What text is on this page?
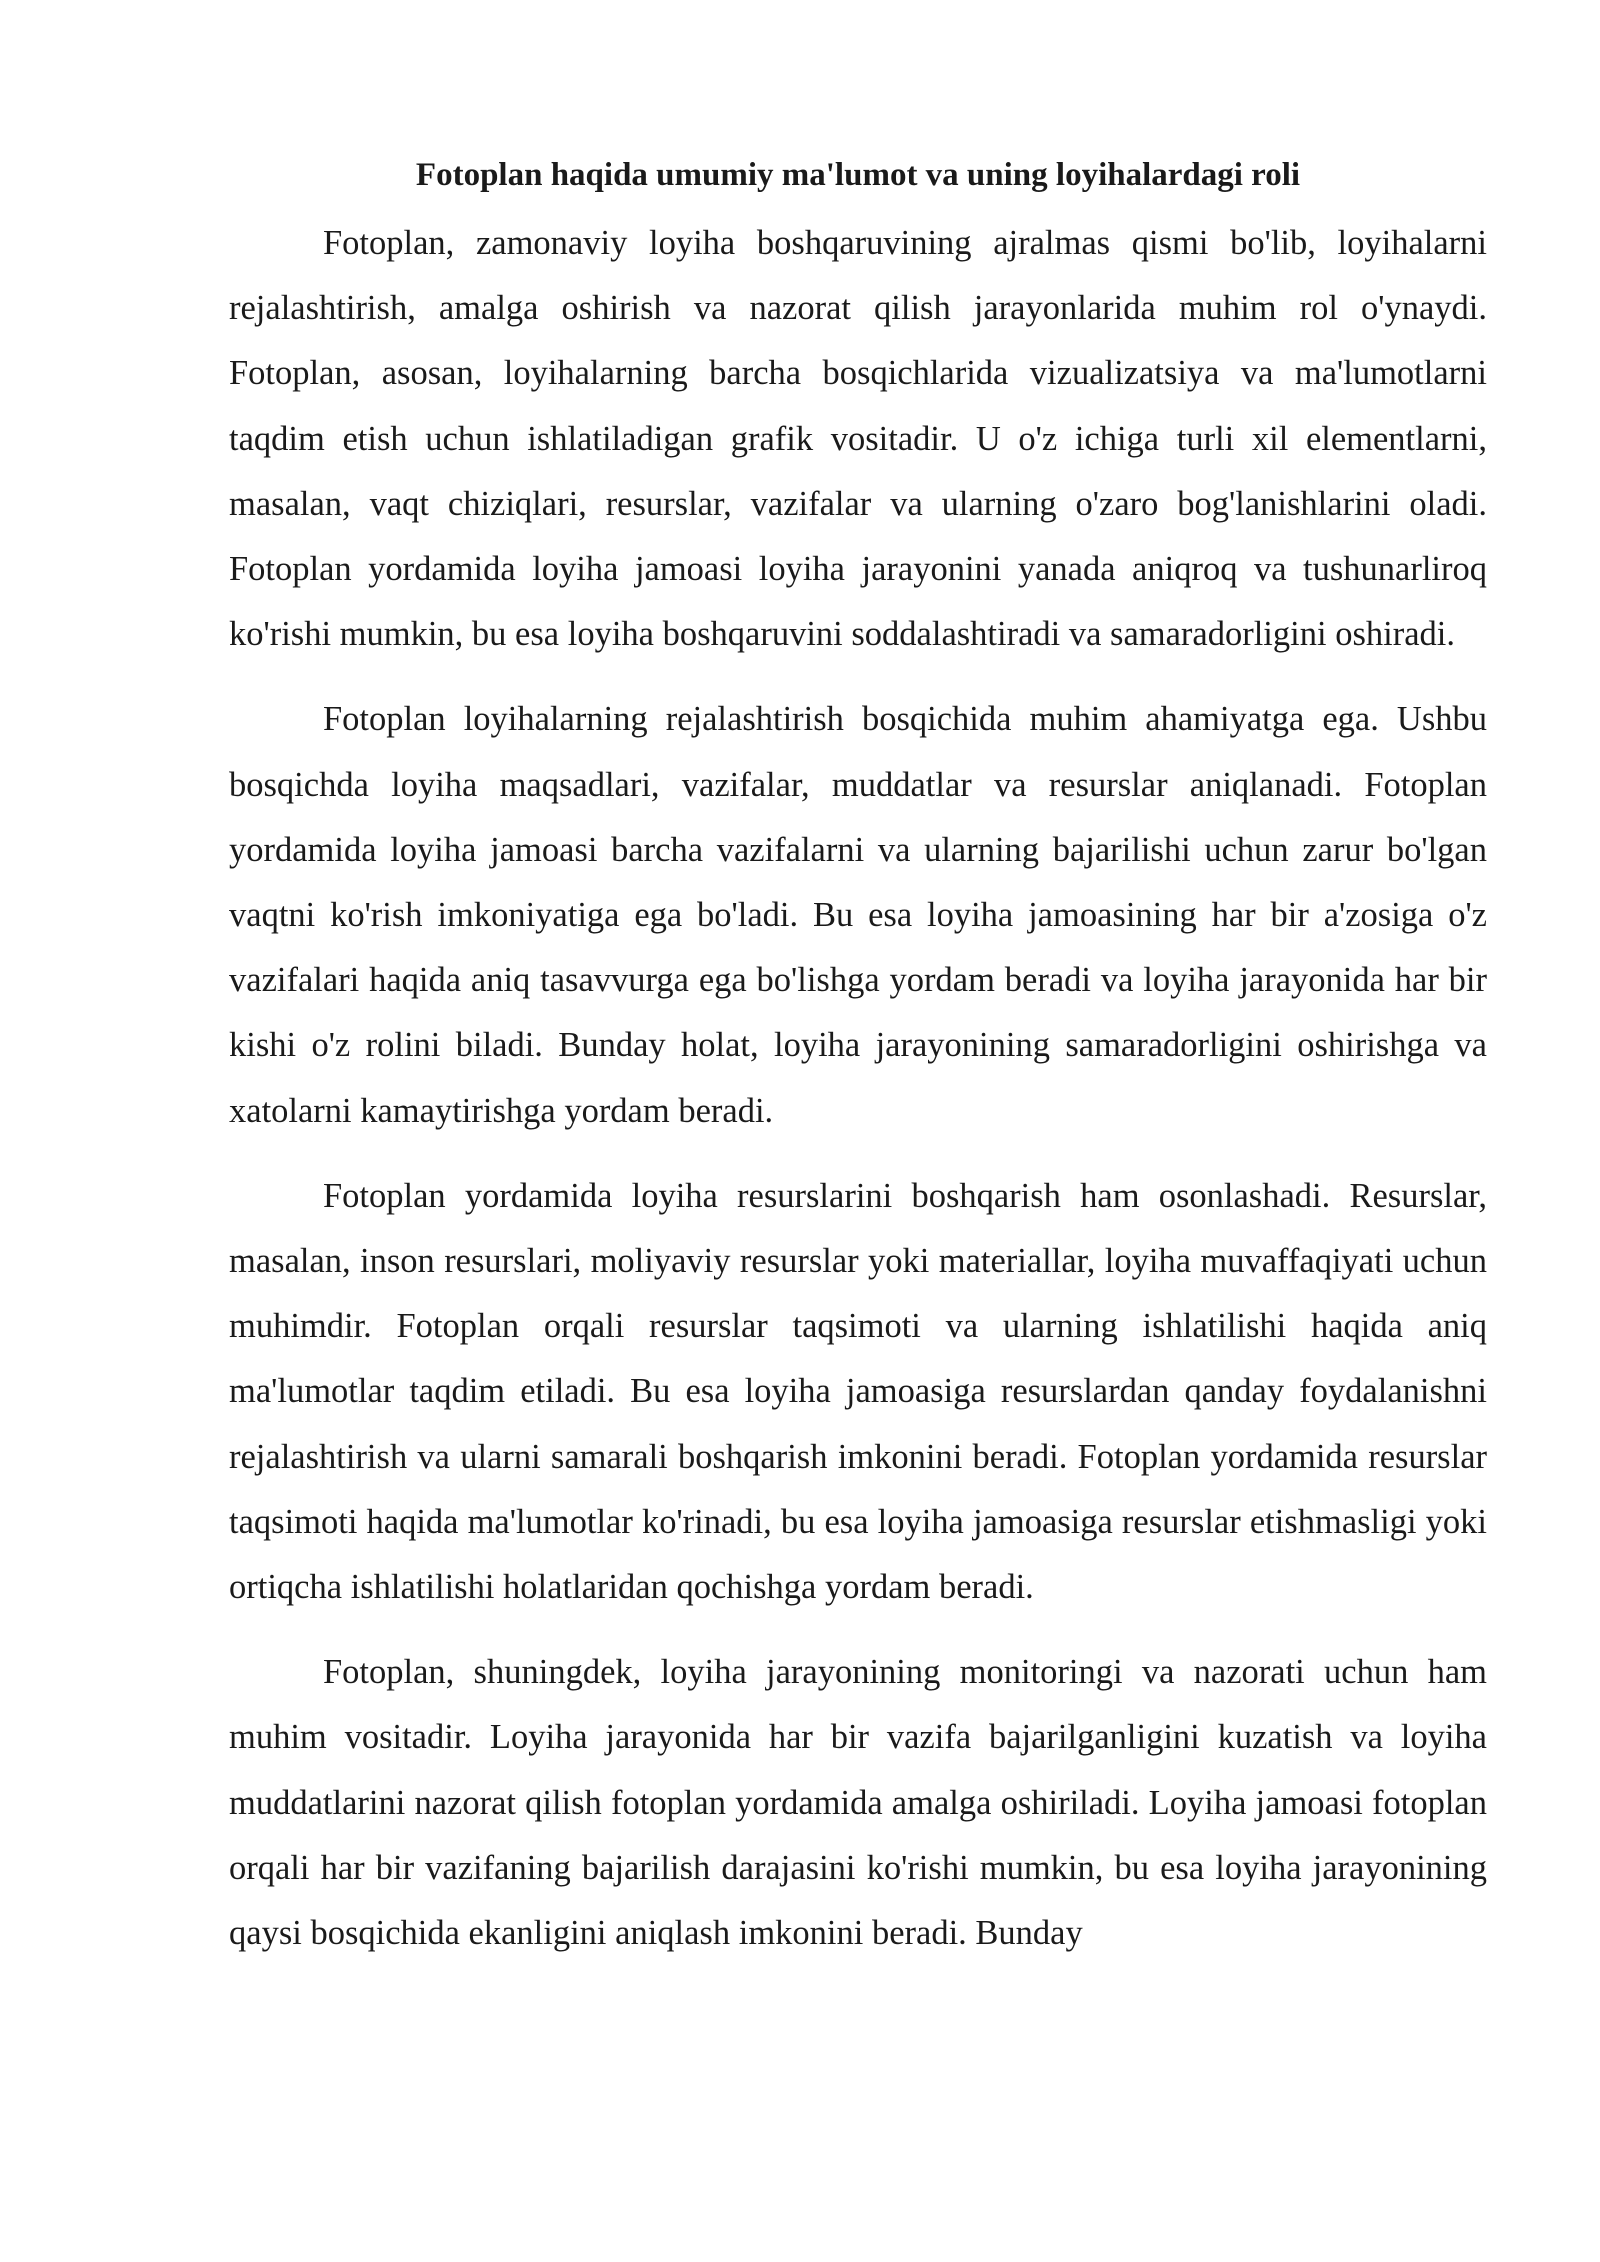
Fotoplan haqida umumiy ma'lumot va uning loyihalardagi roli

Fotoplan, zamonaviy loyiha boshqaruvining ajralmas qismi bo'lib, loyihalarni rejalashtirish, amalga oshirish va nazorat qilish jarayonlarida muhim rol o'ynaydi. Fotoplan, asosan, loyihalarning barcha bosqichlarida vizualizatsiya va ma'lumotlarni taqdim etish uchun ishlatiladigan grafik vositadir. U o'z ichiga turli xil elementlarni, masalan, vaqt chiziqlari, resurslar, vazifalar va ularning o'zaro bog'lanishlarini oladi. Fotoplan yordamida loyiha jamoasi loyiha jarayonini yanada aniqroq va tushunarliroq ko'rishi mumkin, bu esa loyiha boshqaruvini soddalashtiradi va samaradorligini oshiradi.

Fotoplan loyihalarning rejalashtirish bosqichida muhim ahamiyatga ega. Ushbu bosqichda loyiha maqsadlari, vazifalar, muddatlar va resurslar aniqlanadi. Fotoplan yordamida loyiha jamoasi barcha vazifalarni va ularning bajarilishi uchun zarur bo'lgan vaqtni ko'rish imkoniyatiga ega bo'ladi. Bu esa loyiha jamoasining har bir a'zosiga o'z vazifalari haqida aniq tasavvurga ega bo'lishga yordam beradi va loyiha jarayonida har bir kishi o'z rolini biladi. Bunday holat, loyiha jarayonining samaradorligini oshirishga va xatolarni kamaytirishga yordam beradi.

Fotoplan yordamida loyiha resurslarini boshqarish ham osonlashadi. Resurslar, masalan, inson resurslari, moliyaviy resurslar yoki materiallar, loyiha muvaffaqiyati uchun muhimdir. Fotoplan orqali resurslar taqsimoti va ularning ishlatilishi haqida aniq ma'lumotlar taqdim etiladi. Bu esa loyiha jamoasiga resurslardan qanday foydalanishni rejalashtirish va ularni samarali boshqarish imkonini beradi. Fotoplan yordamida resurslar taqsimoti haqida ma'lumotlar ko'rinadi, bu esa loyiha jamoasiga resurslar etishmasligi yoki ortiqcha ishlatilishi holatlaridan qochishga yordam beradi.

Fotoplan, shuningdek, loyiha jarayonining monitoringi va nazorati uchun ham muhim vositadir. Loyiha jarayonida har bir vazifa bajarilganligini kuzatish va loyiha muddatlarini nazorat qilish fotoplan yordamida amalga oshiriladi. Loyiha jamoasi fotoplan orqali har bir vazifaning bajarilish darajasini ko'rishi mumkin, bu esa loyiha jarayonining qaysi bosqichida ekanligini aniqlash imkonini beradi. Bunday
